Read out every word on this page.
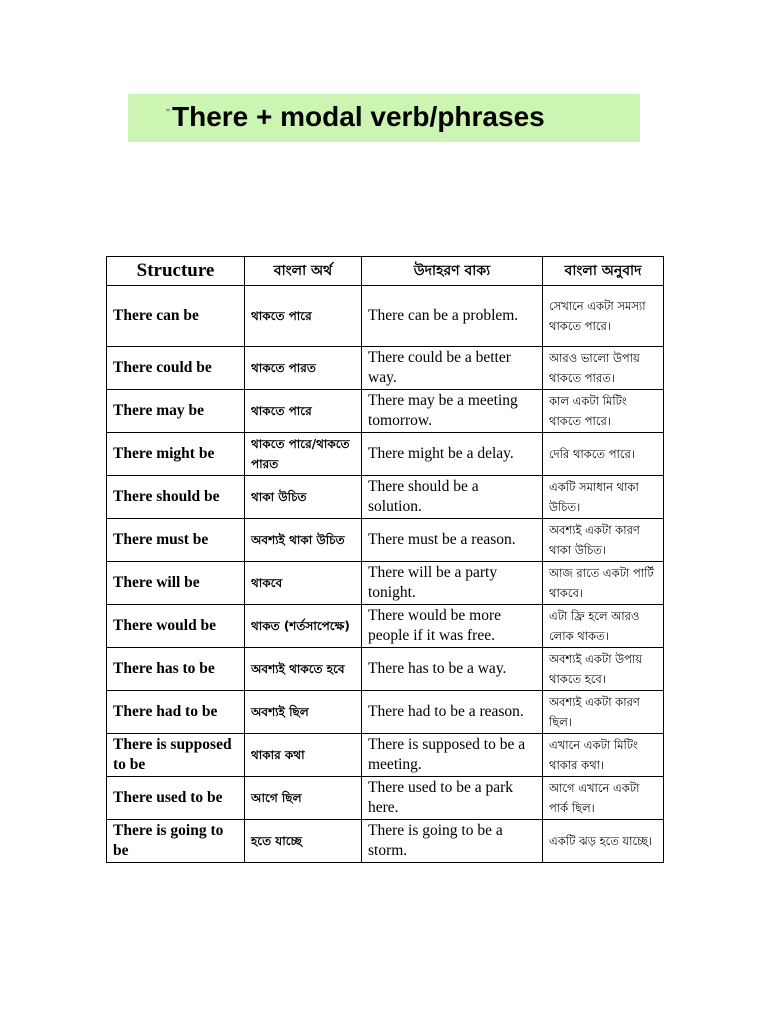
" There + modal verb/phrases
Structure	বাংলা অর্থ	উদাহরণ বাক্য	বাংলা অনুবাদ
There can be	থাকতে পারে	There can be a problem.	সেখানে একটা সমস্যা থাকতে পারে।
There could be	থাকতে পারত	There could be a better way.	আরও ভালো উপায় থাকতে পারত।
There may be	থাকতে পারে	There may be a meeting tomorrow.	কাল একটা মিটিং থাকতে পারে।
There might be	থাকতে পারে/থাকতে পারত	There might be a delay.	দেরি থাকতে পারে।
There should be	থাকা উচিত	There should be a solution.	একটি সমাধান থাকা উচিত।
There must be	অবশ্যই থাকা উচিত	There must be a reason.	অবশ্যই একটা কারণ থাকা উচিত।
There will be	থাকবে	There will be a party tonight.	আজ রাতে একটা পার্টি থাকবে।
There would be	থাকত (শর্তসাপেক্ষে)	There would be more people if it was free.	এটা ফ্রি হলে আরও লোক থাকত।
There has to be	অবশ্যই থাকতে হবে	There has to be a way.	অবশ্যই একটা উপায় থাকতে হবে।
There had to be	অবশ্যই ছিল	There had to be a reason.	অবশ্যই একটা কারণ ছিল।
There is supposed to be	থাকার কথা	There is supposed to be a meeting.	এখানে একটা মিটিং থাকার কথা।
There used to be	আগে ছিল	There used to be a park here.	আগে এখানে একটা পার্ক ছিল।
There is going to be	হতে যাচ্ছে	There is going to be a storm.	একটি ঝড় হতে যাচ্ছে।
